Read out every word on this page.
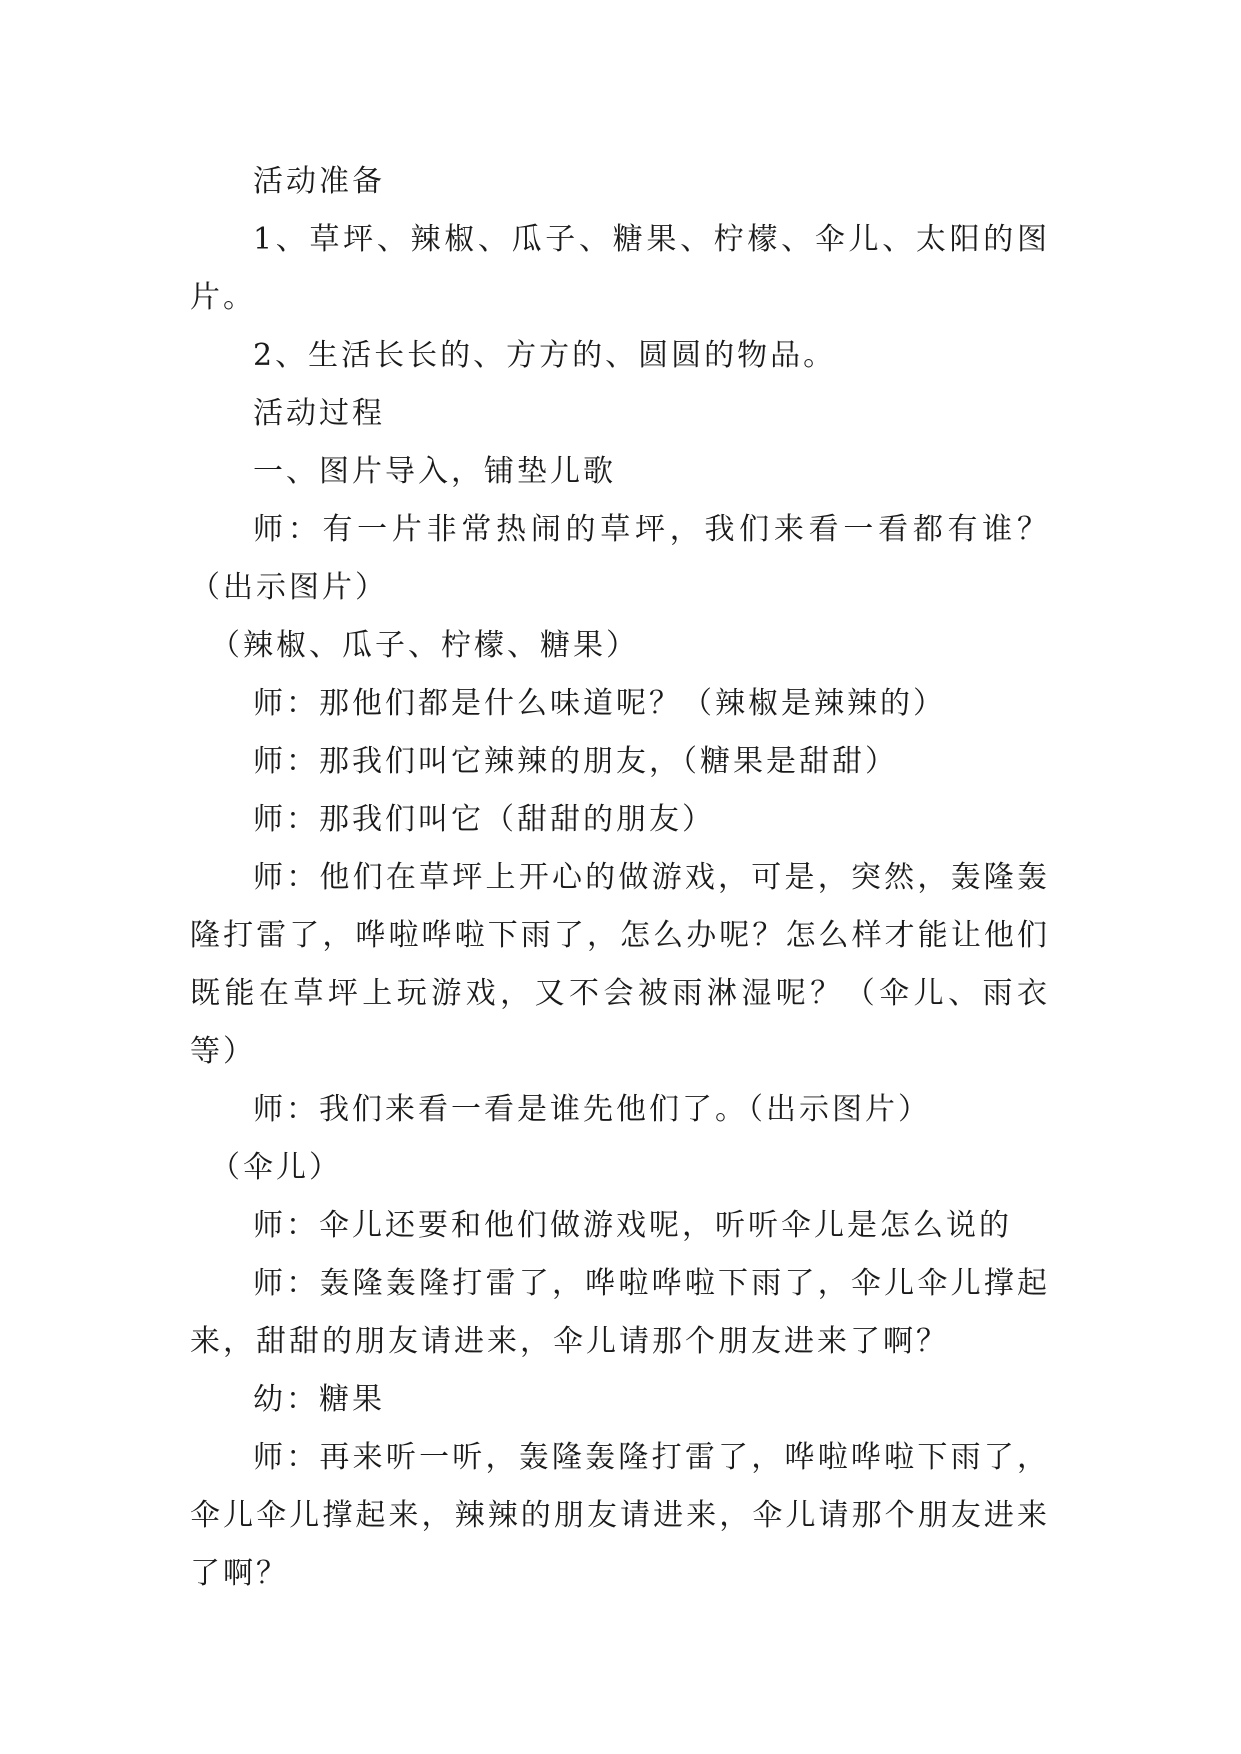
活动准备

1、草坪、辣椒、瓜子、糖果、柠檬、伞儿、太阳的图片。

2、生活长长的、方方的、圆圆的物品。

活动过程

一、图片导入，铺垫儿歌

师：有一片非常热闹的草坪，我们来看一看都有谁？（出示图片）

（辣椒、瓜子、柠檬、糖果）

师：那他们都是什么味道呢？（辣椒是辣辣的）

师：那我们叫它辣辣的朋友，（糖果是甜甜）

师：那我们叫它（甜甜的朋友）

师：他们在草坪上开心的做游戏，可是，突然，轰隆轰隆打雷了，哗啦哗啦下雨了，怎么办呢？怎么样才能让他们既能在草坪上玩游戏，又不会被雨淋湿呢？（伞儿、雨衣等）

师：我们来看一看是谁先他们了。（出示图片）

（伞儿）

师：伞儿还要和他们做游戏呢，听听伞儿是怎么说的

师：轰隆轰隆打雷了，哗啦哗啦下雨了，伞儿伞儿撑起来，甜甜的朋友请进来，伞儿请那个朋友进来了啊？

幼：糖果

师：再来听一听，轰隆轰隆打雷了，哗啦哗啦下雨了，伞儿伞儿撑起来，辣辣的朋友请进来，伞儿请那个朋友进来了啊？
